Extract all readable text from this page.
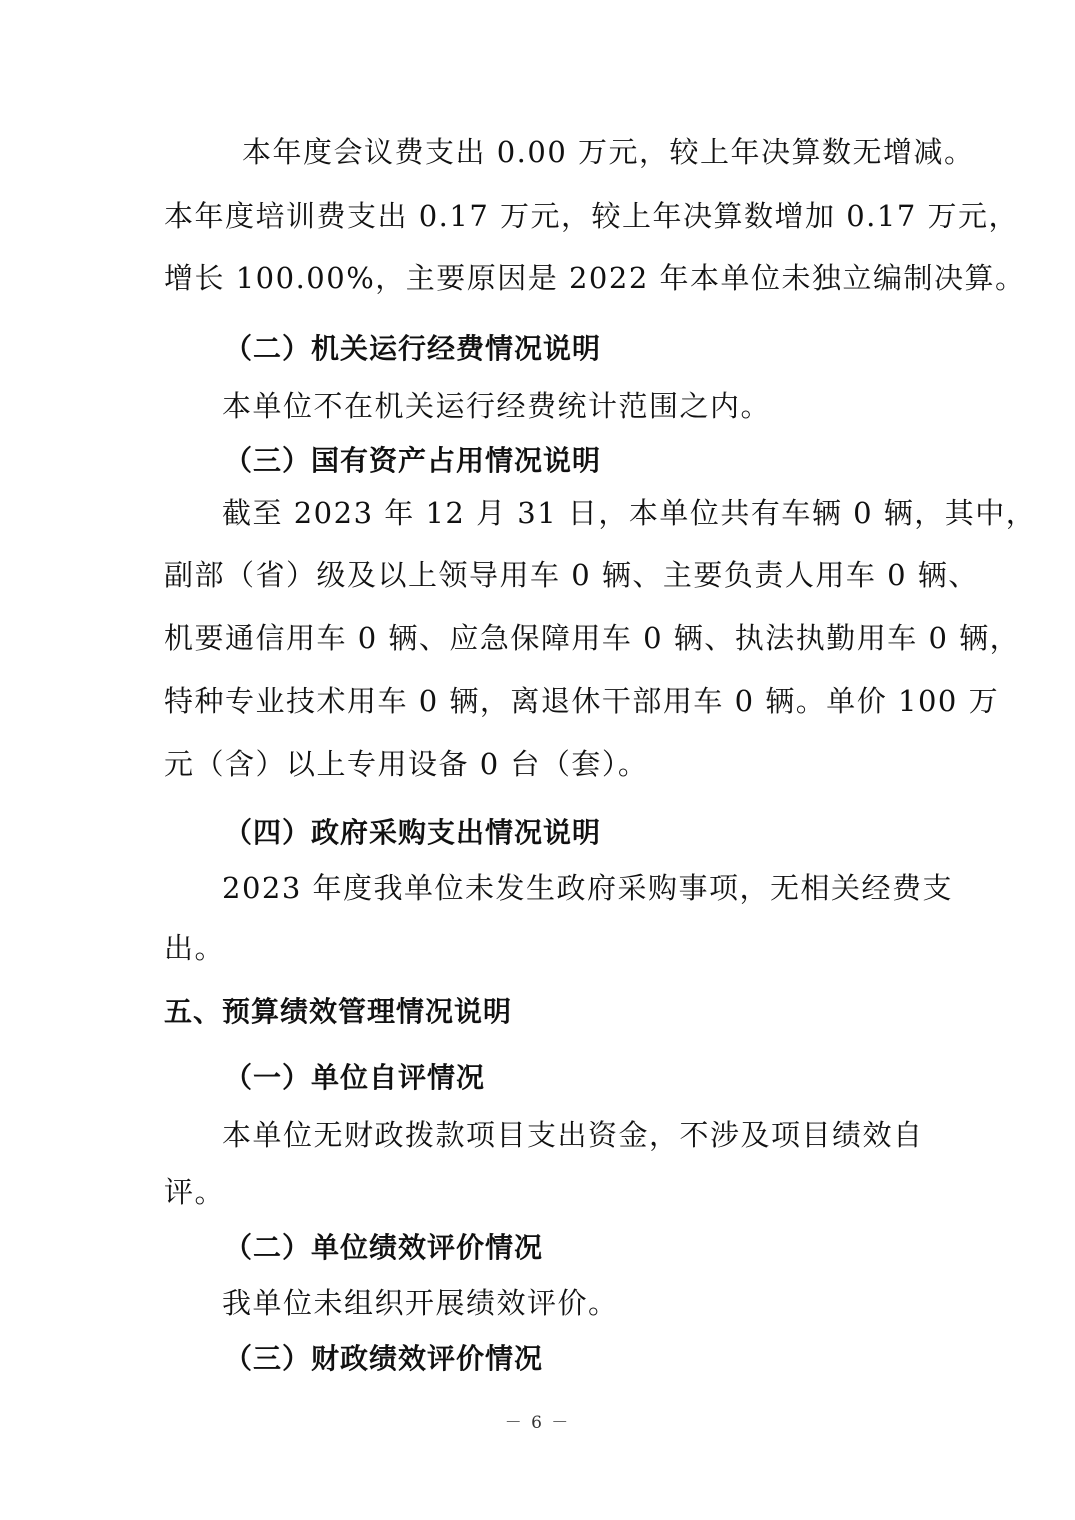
本年度会议费支出 0.00 万元，较上年决算数无增减。
本年度培训费支出 0.17 万元，较上年决算数增加 0.17 万元，
增长 100.00%，主要原因是 2022 年本单位未独立编制决算。
（二）机关运行经费情况说明
本单位不在机关运行经费统计范围之内。
（三）国有资产占用情况说明
截至 2023 年 12 月 31 日，本单位共有车辆 0 辆，其中，
副部（省）级及以上领导用车 0 辆、主要负责人用车 0 辆、
机要通信用车 0 辆、应急保障用车 0 辆、执法执勤用车 0 辆，
特种专业技术用车 0 辆，离退休干部用车 0 辆。单价 100 万
元（含）以上专用设备 0 台（套）。
（四）政府采购支出情况说明
2023 年度我单位未发生政府采购事项，无相关经费支
出。
五、预算绩效管理情况说明
（一）单位自评情况
本单位无财政拨款项目支出资金，不涉及项目绩效自
评。
（二）单位绩效评价情况
我单位未组织开展绩效评价。
（三）财政绩效评价情况
－ 6 －
